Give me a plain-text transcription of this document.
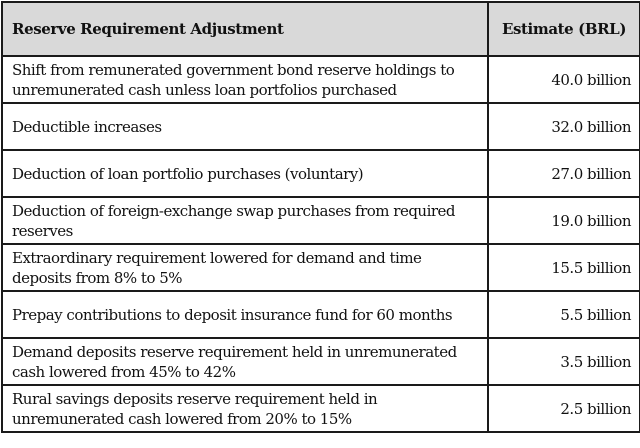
Reserve Requirement Adjustment	Estimate (BRL)
Shift from remunerated government bond reserve holdings to unremunerated cash unless loan portfolios purchased	40.0 billion
Deductible increases	32.0 billion
Deduction of loan portfolio purchases (voluntary)	27.0 billion
Deduction of foreign-exchange swap purchases from required reserves	19.0 billion
Extraordinary requirement lowered for demand and time deposits from 8% to 5%	15.5 billion
Prepay contributions to deposit insurance fund for 60 months	5.5 billion
Demand deposits reserve requirement held in unremunerated cash lowered from 45% to 42%	3.5 billion
Rural savings deposits reserve requirement held in unremunerated cash lowered from 20% to 15%	2.5 billion
